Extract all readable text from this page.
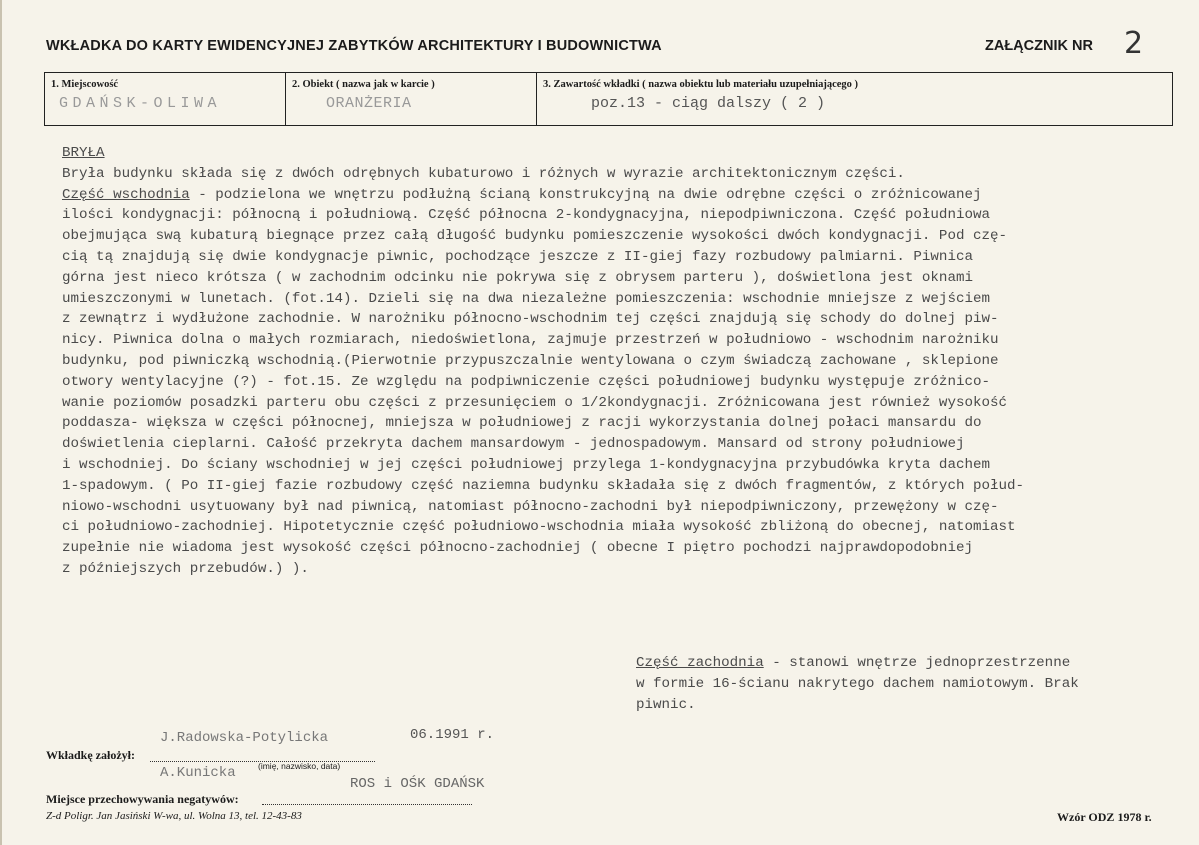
WKŁADKA DO KARTY EWIDENCYJNEJ ZABYTKÓW ARCHITEKTURY I BUDOWNICTWA	ZAŁĄCZNIK NR 2
1. Miejscowość
GDAŃSK-OLIWA
2. Obiekt ( nazwa jak w karcie )
ORANŻERIA
3. Zawartość wkładki ( nazwa obiektu lub materiału uzupełniającego )
poz.13 - ciąg dalszy ( 2 )
BRYŁA
Bryła budynku składa się z dwóch odrębnych kubaturowo i różnych w wyrazie architektonicznym części.
Część wschodnia - podzielona we wnętrzu podłużną ścianą konstrukcyjną na dwie odrębne części o zróżnicowanej
ilości kondygnacji: północną i południową. Część północna 2-kondygnacyjna, niepodpiwniczona. Część południowa
obejmująca swą kubaturą biegnące przez całą długość budynku pomieszczenie wysokości dwóch kondygnacji. Pod czę-
cią tą znajdują się dwie kondygnacje piwnic, pochodzące jeszcze z II-giej fazy rozbudowy palmiarni. Piwnica
górna jest nieco krótsza ( w zachodnim odcinku nie pokrywa się z obrysem parteru ), doświetlona jest oknami
umieszczonymi w lunetach. (fot.14). Dzieli się na dwa niezależne pomieszczenia: wschodnie mniejsze z wejściem
z zewnątrz i wydłużone zachodnie. W narożniku północno-wschodnim tej części znajdują się schody do dolnej piw-
nicy. Piwnica dolna o małych rozmiarach, niedoświetlona, zajmuje przestrzeń w południowo - wschodnim narożniku
budynku, pod piwniczką wschodnią.(Pierwotnie przypuszczalnie wentylowana o czym świadczą zachowane , sklepione
otwory wentylacyjne (?) - fot.15. Ze względu na podpiwniczenie części południowej budynku występuje zróżnico-
wanie poziomów posadzki parteru obu części z przesunięciem o 1/2kondygnacji. Zróżnicowana jest również wysokość
poddasza- większa w części północnej, mniejsza w południowej z racji wykorzystania dolnej połaci mansardu do
doświetlenia cieplarni. Całość przekryta dachem mansardowym - jednospadowym. Mansard od strony południowej
i wschodniej. Do ściany wschodniej w jej części południowej przylega 1-kondygnacyjna przybudówka kryta dachem
1-spadowym. ( Po II-giej fazie rozbudowy część naziemna budynku składała się z dwóch fragmentów, z których połud-
niowo-wschodni usytuowany był nad piwnicą, natomiast północno-zachodni był niepodpiwniczony, przewężony w czę-
ci południowo-zachodniej. Hipotetycznie część południowo-wschodnia miała wysokość zbliżoną do obecnej, natomiast
zupełnie nie wiadoma jest wysokość części północno-zachodniej ( obecne I piętro pochodzi najprawdopodobniej
z późniejszych przebudów.) ).
Część zachodnia - stanowi wnętrze jednoprzestrzenne
w formie 16-ścianu nakrytego dachem namiotowym. Brak
piwnic.
Wkładkę założył:
J.Radowska-Potylicka	06.1991 r.
A.Kunicka	(imię, nazwisko, data)
ROS i OŚK GDAŃSK
Miejsce przechowywania negatywów:
Z-d Poligr. Jan Jasiński W-wa, ul. Wolna 13, tel. 12-43-83	Wzór ODZ 1978 r.
